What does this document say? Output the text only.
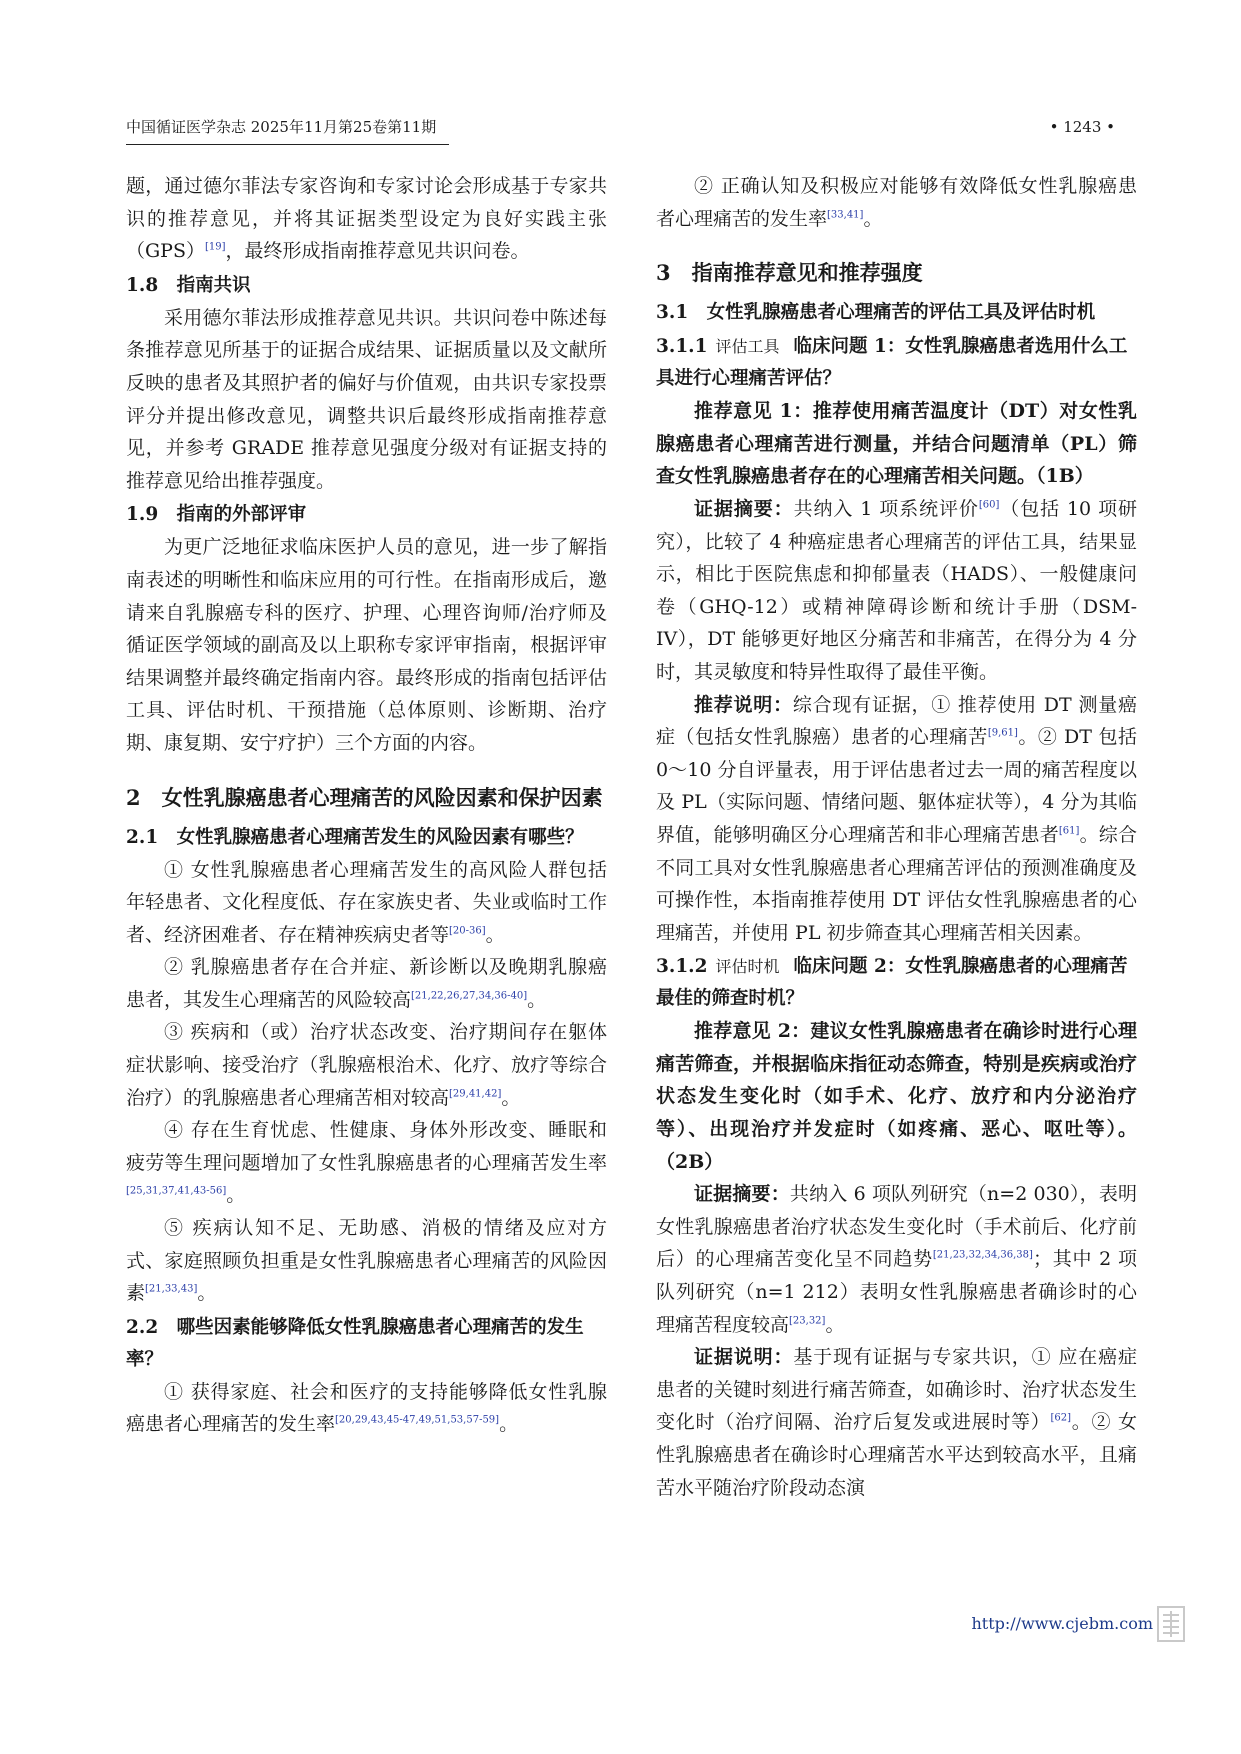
中国循证医学杂志 2025年11月第25卷第11期	• 1243 •

题，通过德尔菲法专家咨询和专家讨论会形成基于专家共识的推荐意见，并将其证据类型设定为良好实践主张（GPS）[19]，最终形成指南推荐意见共识问卷。

1.8　指南共识

采用德尔菲法形成推荐意见共识。共识问卷中陈述每条推荐意见所基于的证据合成结果、证据质量以及文献所反映的患者及其照护者的偏好与价值观，由共识专家投票评分并提出修改意见，调整共识后最终形成指南推荐意见，并参考 GRADE 推荐意见强度分级对有证据支持的推荐意见给出推荐强度。

1.9　指南的外部评审

为更广泛地征求临床医护人员的意见，进一步了解指南表述的明晰性和临床应用的可行性。在指南形成后，邀请来自乳腺癌专科的医疗、护理、心理咨询师/治疗师及循证医学领域的副高及以上职称专家评审指南，根据评审结果调整并最终确定指南内容。最终形成的指南包括评估工具、评估时机、干预措施（总体原则、诊断期、治疗期、康复期、安宁疗护）三个方面的内容。

2　女性乳腺癌患者心理痛苦的风险因素和保护因素
2.1　女性乳腺癌患者心理痛苦发生的风险因素有哪些？

① 女性乳腺癌患者心理痛苦发生的高风险人群包括年轻患者、文化程度低、存在家族史者、失业或临时工作者、经济困难者、存在精神疾病史者等[20-36]。

② 乳腺癌患者存在合并症、新诊断以及晚期乳腺癌患者，其发生心理痛苦的风险较高[21,22,26,27,34,36-40]。

③ 疾病和（或）治疗状态改变、治疗期间存在躯体症状影响、接受治疗（乳腺癌根治术、化疗、放疗等综合治疗）的乳腺癌患者心理痛苦相对较高[29,41,42]。

④ 存在生育忧虑、性健康、身体外形改变、睡眠和疲劳等生理问题增加了女性乳腺癌患者的心理痛苦发生率[25,31,37,41,43-56]。

⑤ 疾病认知不足、无助感、消极的情绪及应对方式、家庭照顾负担重是女性乳腺癌患者心理痛苦的风险因素[21,33,43]。

2.2　哪些因素能够降低女性乳腺癌患者心理痛苦的发生率？

① 获得家庭、社会和医疗的支持能够降低女性乳腺癌患者心理痛苦的发生率[20,29,43,45-47,49,51,53,57-59]。

② 正确认知及积极应对能够有效降低女性乳腺癌患者心理痛苦的发生率[33,41]。

3　指南推荐意见和推荐强度
3.1　女性乳腺癌患者心理痛苦的评估工具及评估时机
3.1.1 评估工具 临床问题 1：女性乳腺癌患者选用什么工具进行心理痛苦评估？

推荐意见 1：推荐使用痛苦温度计（DT）对女性乳腺癌患者心理痛苦进行测量，并结合问题清单（PL）筛查女性乳腺癌患者存在的心理痛苦相关问题。（1B）

证据摘要：共纳入 1 项系统评价[60]（包括 10 项研究），比较了 4 种癌症患者心理痛苦的评估工具，结果显示，相比于医院焦虑和抑郁量表（HADS）、一般健康问卷（GHQ-12）或精神障碍诊断和统计手册（DSM-IV），DT 能够更好地区分痛苦和非痛苦，在得分为 4 分时，其灵敏度和特异性取得了最佳平衡。

推荐说明：综合现有证据，① 推荐使用 DT 测量癌症（包括女性乳腺癌）患者的心理痛苦[9,61]。② DT 包括 0～10 分自评量表，用于评估患者过去一周的痛苦程度以及 PL（实际问题、情绪问题、躯体症状等），4 分为其临界值，能够明确区分心理痛苦和非心理痛苦患者[61]。综合不同工具对女性乳腺癌患者心理痛苦评估的预测准确度及可操作性，本指南推荐使用 DT 评估女性乳腺癌患者的心理痛苦，并使用 PL 初步筛查其心理痛苦相关因素。

3.1.2 评估时机 临床问题 2：女性乳腺癌患者的心理痛苦最佳的筛查时机？

推荐意见 2：建议女性乳腺癌患者在确诊时进行心理痛苦筛查，并根据临床指征动态筛查，特别是疾病或治疗状态发生变化时（如手术、化疗、放疗和内分泌治疗等）、出现治疗并发症时（如疼痛、恶心、呕吐等）。（2B）

证据摘要：共纳入 6 项队列研究（n=2 030），表明女性乳腺癌患者治疗状态发生变化时（手术前后、化疗前后）的心理痛苦变化呈不同趋势[21,23,32,34,36,38]；其中 2 项队列研究（n=1 212）表明女性乳腺癌患者确诊时的心理痛苦程度较高[23,32]。

证据说明：基于现有证据与专家共识，① 应在癌症患者的关键时刻进行痛苦筛查，如确诊时、治疗状态发生变化时（治疗间隔、治疗后复发或进展时等）[62]。② 女性乳腺癌患者在确诊时心理痛苦水平达到较高水平，且痛苦水平随治疗阶段动态演

http://www.cjebm.com
